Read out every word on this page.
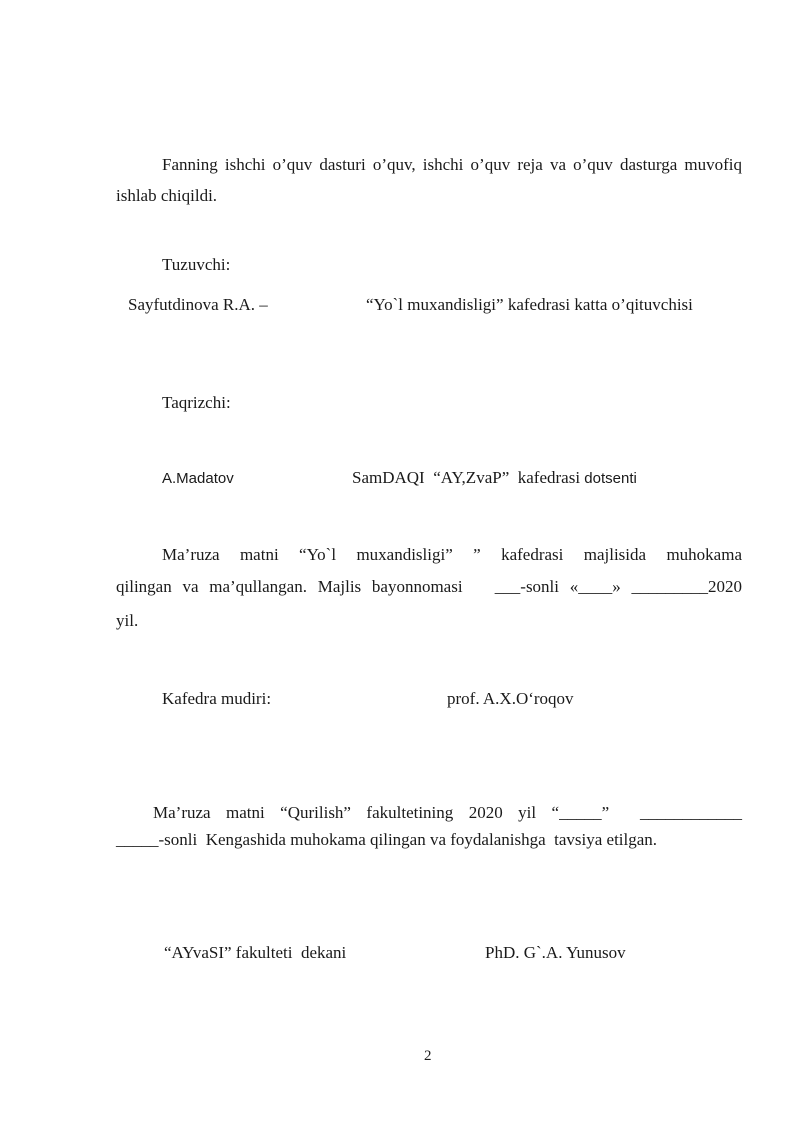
Fanning ishchi o’quv dasturi o’quv, ishchi o’quv reja va o’quv dasturga muvofiq ishlab chiqildi.
Tuzuvchi:
Sayfutdinova R.A. –	“Yo`l muxandisligi” kafedrasi katta o’qituvchisi
Taqrizchi:
A.Madatov	SamDAQI  “AY,ZvaP”  kafedrasi dotsenti
Ma’ruza  matni  “Yo`l  muxandisligi”  ”  kafedrasi  majlisida  muhokama
qilingan va ma’qullangan. Majlis bayonnomasi   ___-sonli «____» _________2020
yil.
Kafedra mudiri:	prof. A.X.O‘roqov
Ma’ruza  matni  “Qurilish”  fakultetining  2020  yil  “_____”    ____________
_____-sonli  Kengashida muhokama qilingan va foydalanishga  tavsiya etilgan.
“AYvaSI” fakulteti  dekani	PhD. G`.A. Yunusov
2
